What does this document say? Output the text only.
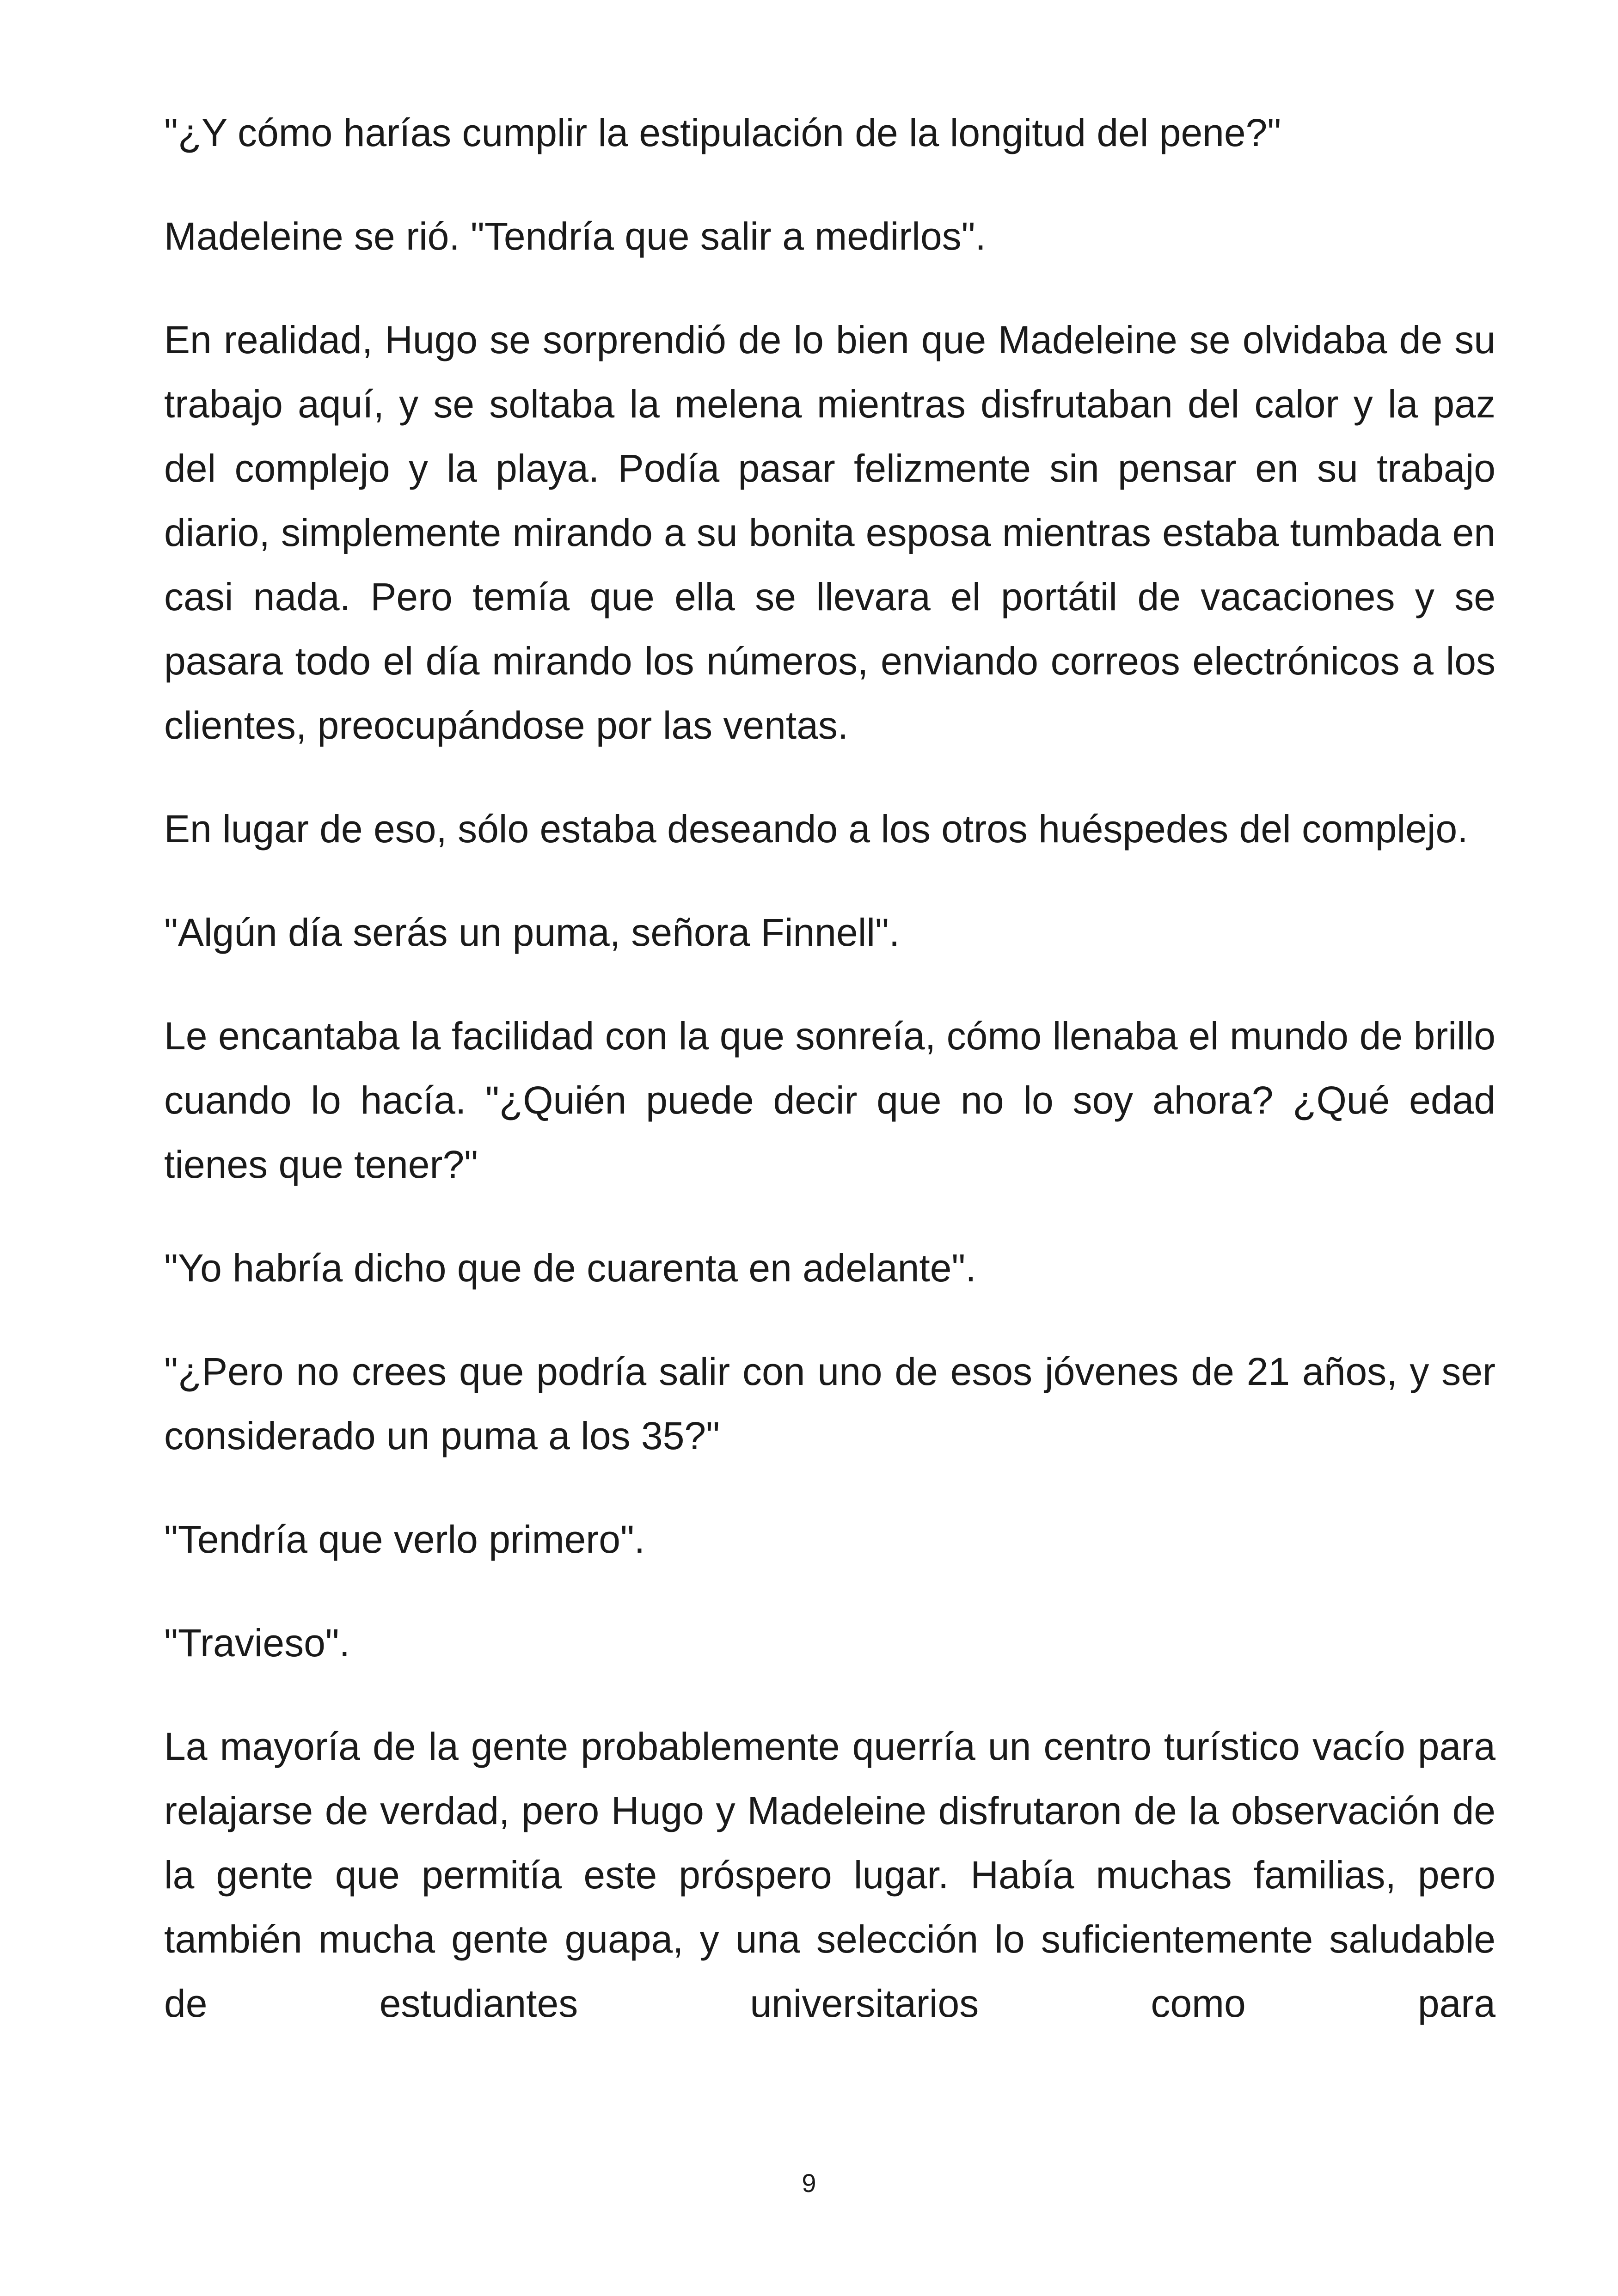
"¿Y cómo harías cumplir la estipulación de la longitud del pene?"

Madeleine se rió. "Tendría que salir a medirlos".

En realidad, Hugo se sorprendió de lo bien que Madeleine se olvidaba de su trabajo aquí, y se soltaba la melena mientras disfrutaban del calor y la paz del complejo y la playa. Podía pasar felizmente sin pensar en su trabajo diario, simplemente mirando a su bonita esposa mientras estaba tumbada en casi nada. Pero temía que ella se llevara el portátil de vacaciones y se pasara todo el día mirando los números, enviando correos electrónicos a los clientes, preocupándose por las ventas.

En lugar de eso, sólo estaba deseando a los otros huéspedes del complejo.

"Algún día serás un puma, señora Finnell".

Le encantaba la facilidad con la que sonreía, cómo llenaba el mundo de brillo cuando lo hacía. "¿Quién puede decir que no lo soy ahora? ¿Qué edad tienes que tener?"

"Yo habría dicho que de cuarenta en adelante".

"¿Pero no crees que podría salir con uno de esos jóvenes de 21 años, y ser considerado un puma a los 35?"

"Tendría que verlo primero".

"Travieso".

La mayoría de la gente probablemente querría un centro turístico vacío para relajarse de verdad, pero Hugo y Madeleine disfrutaron de la observación de la gente que permitía este próspero lugar. Había muchas familias, pero también mucha gente guapa, y una selección lo suficientemente saludable de estudiantes universitarios como para

9
